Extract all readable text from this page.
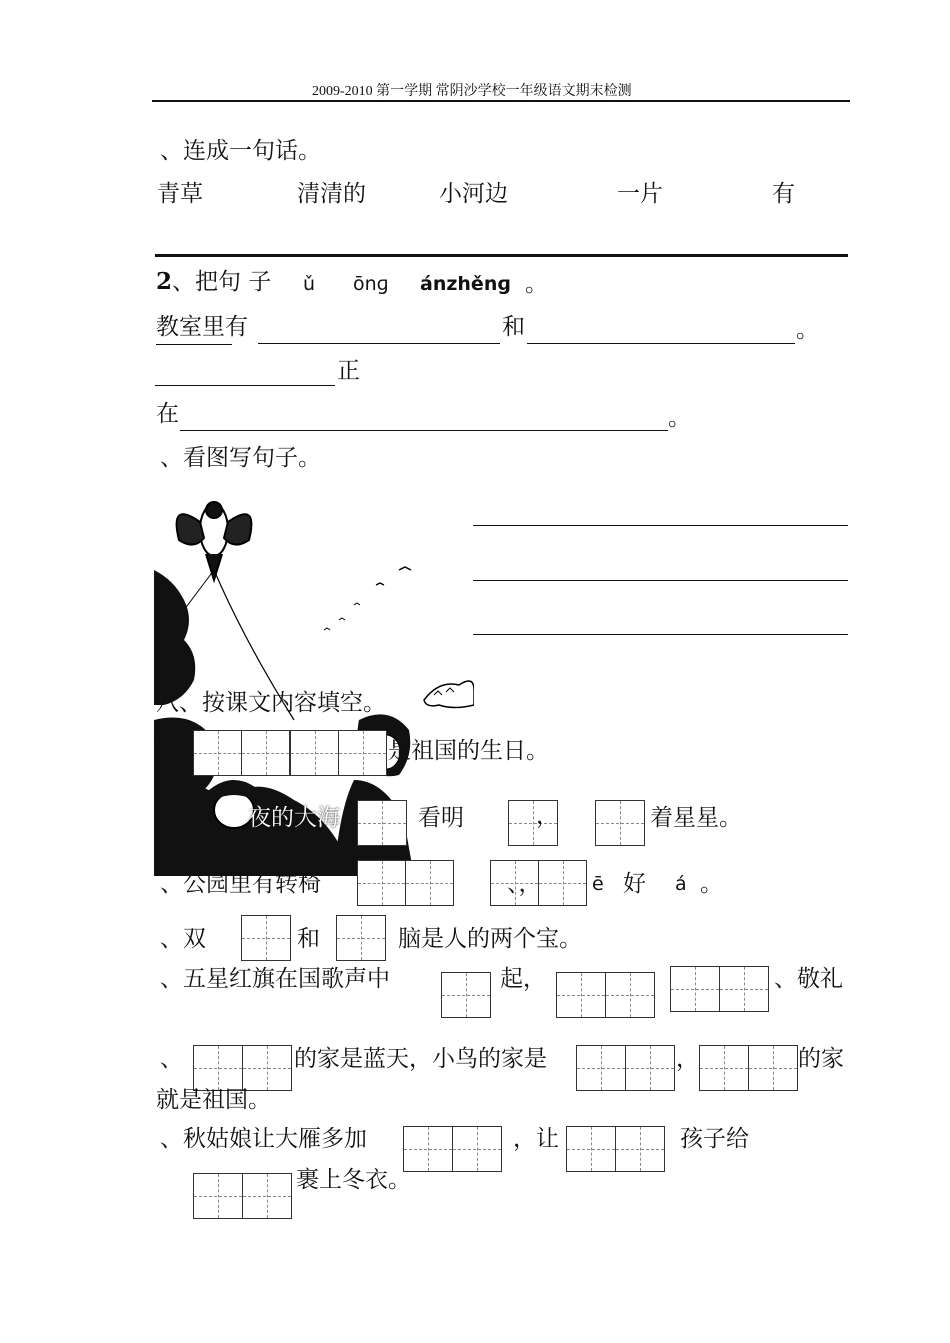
2009-2010 第一学期 常阴沙学校一年级语文期末检测
、连成一句话。
青草	清清的	小河边	一片	有
2、把句 子 ǔ ōnɡ ánzhěnɡ 。
教室里有	和	。
正
在	。
、看图写句子。
八、按课文内容填空。
是祖国的生日。
夜的大海	看明	，	着星星。
、公园里有转椅	、，	ē 好 á 。
、双	和	脑是人的两个宝。
、五星红旗在国歌声中	起，	、敬礼
、	的家是蓝天，小鸟的家是	，	的家
就是祖国。
、秋姑娘让大雁多加	，让	孩子给
裹上冬衣。
